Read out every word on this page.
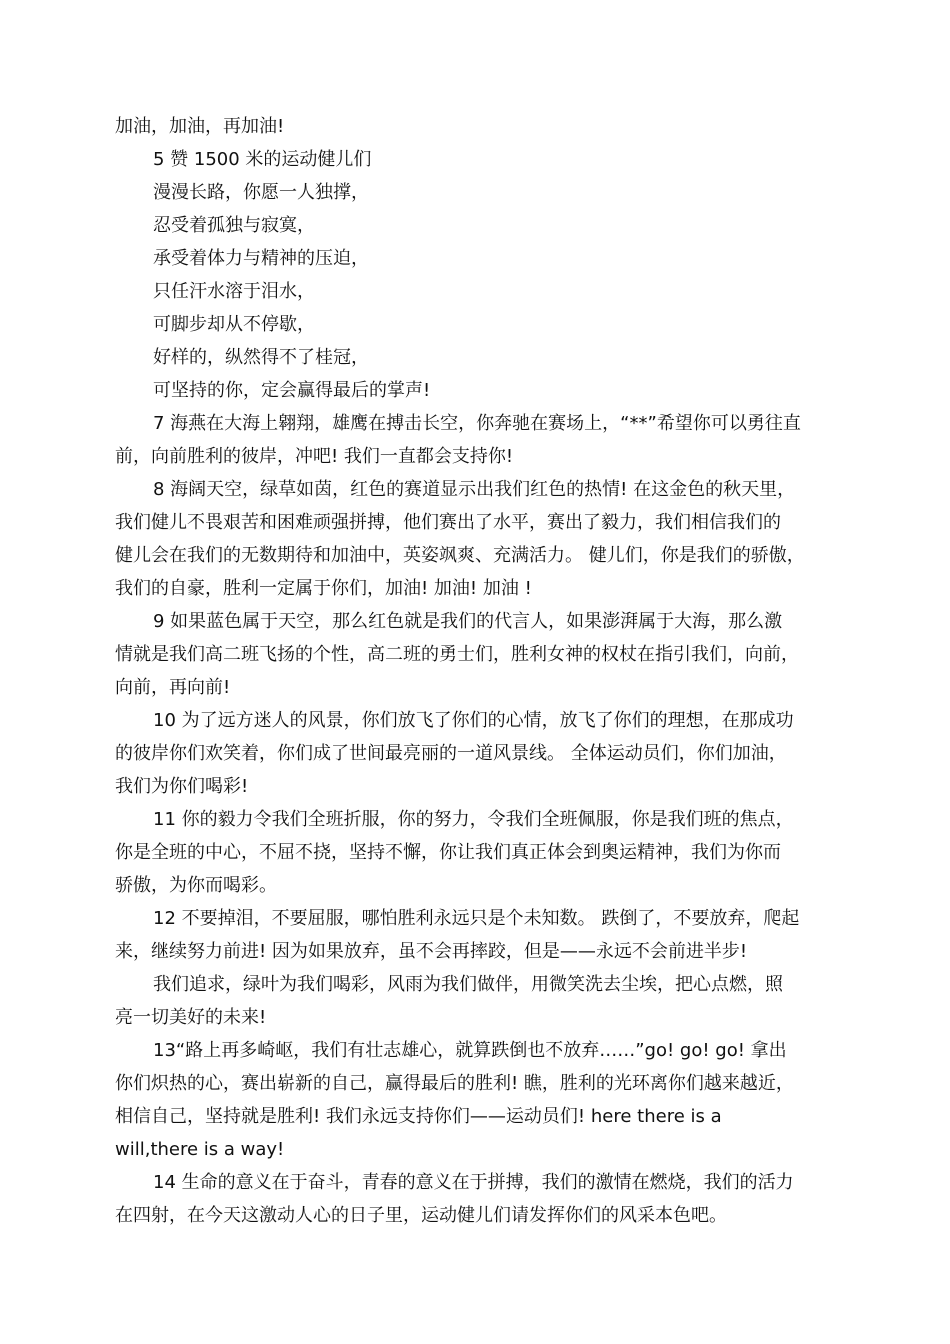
加油，加油，再加油!
5 赞 1500 米的运动健儿们
漫漫长路，你愿一人独撑，
忍受着孤独与寂寞，
承受着体力与精神的压迫，
只任汗水溶于泪水，
可脚步却从不停歇，
好样的，纵然得不了桂冠，
可坚持的你，定会赢得最后的掌声!
7 海燕在大海上翱翔，雄鹰在搏击长空，你奔驰在赛场上，“**”希望你可以勇往直
前，向前胜利的彼岸，冲吧! 我们一直都会支持你!
8 海阔天空，绿草如茵，红色的赛道显示出我们红色的热情! 在这金色的秋天里，
我们健儿不畏艰苦和困难顽强拼搏，他们赛出了水平，赛出了毅力，我们相信我们的
健儿会在我们的无数期待和加油中，英姿飒爽、充满活力。 健儿们，你是我们的骄傲，
我们的自豪，胜利一定属于你们，加油! 加油! 加油 !
9 如果蓝色属于天空，那么红色就是我们的代言人，如果澎湃属于大海，那么激
情就是我们高二班飞扬的个性，高二班的勇士们，胜利女神的权杖在指引我们，向前，
向前，再向前!
10 为了远方迷人的风景，你们放飞了你们的心情，放飞了你们的理想，在那成功
的彼岸你们欢笑着，你们成了世间最亮丽的一道风景线。 全体运动员们，你们加油，
我们为你们喝彩!
11 你的毅力令我们全班折服，你的努力，令我们全班佩服，你是我们班的焦点，
你是全班的中心，不屈不挠，坚持不懈，你让我们真正体会到奥运精神，我们为你而
骄傲，为你而喝彩。
12 不要掉泪，不要屈服，哪怕胜利永远只是个未知数。 跌倒了，不要放弃，爬起
来，继续努力前进! 因为如果放弃，虽不会再摔跤，但是——永远不会前进半步!
我们追求，绿叶为我们喝彩，风雨为我们做伴，用微笑洗去尘埃，把心点燃，照
亮一切美好的未来!
13“路上再多崎岖，我们有壮志雄心，就算跌倒也不放弃……”go! go! go! 拿出
你们炽热的心，赛出崭新的自己，赢得最后的胜利! 瞧，胜利的光环离你们越来越近，
相信自己，坚持就是胜利! 我们永远支持你们——运动员们! here there is a
will,there is a way!
14 生命的意义在于奋斗，青春的意义在于拼搏，我们的激情在燃烧，我们的活力
在四射，在今天这激动人心的日子里，运动健儿们请发挥你们的风采本色吧。
